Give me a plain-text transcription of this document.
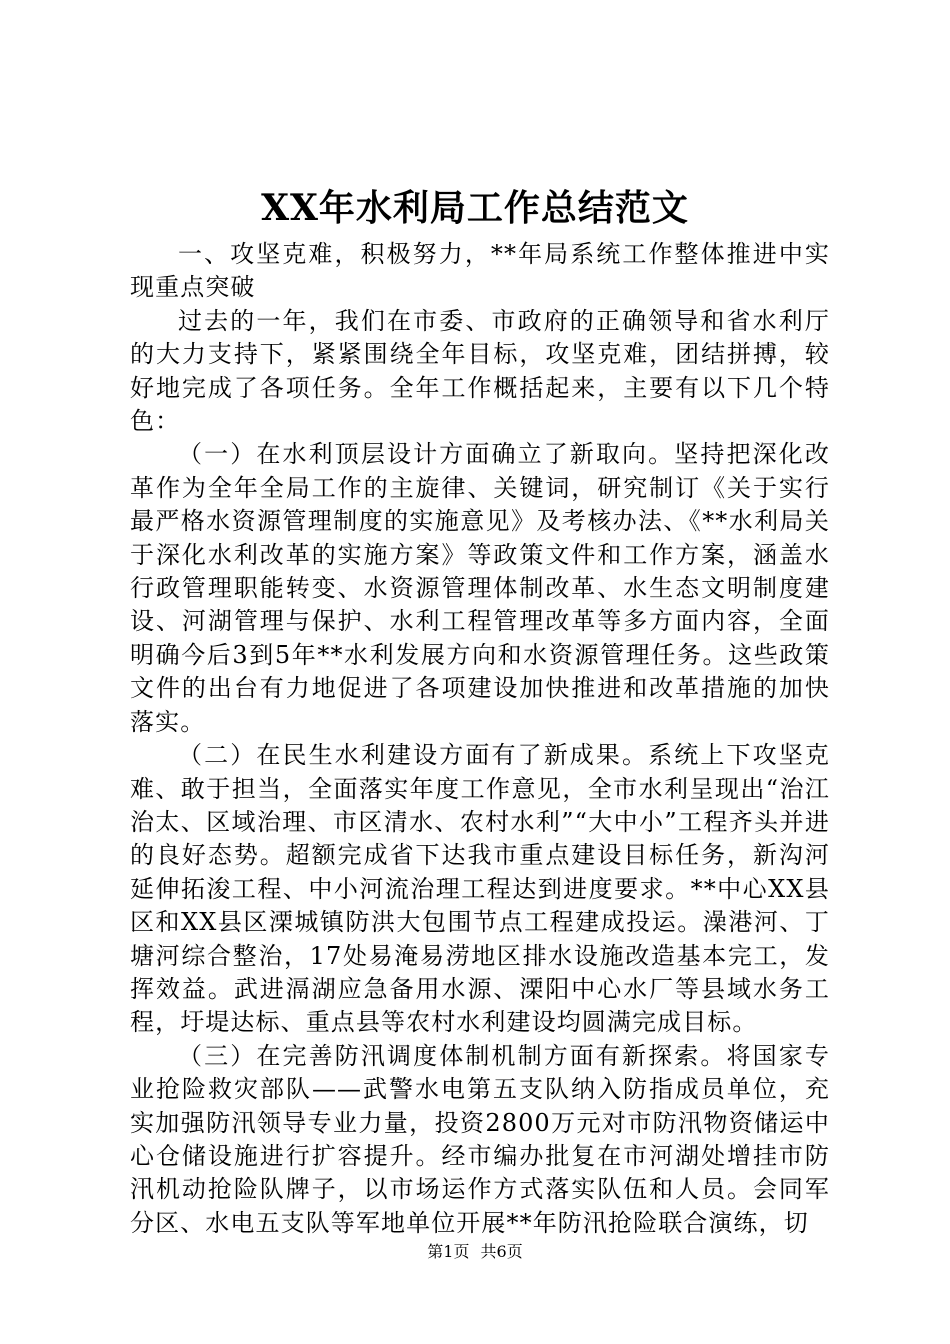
XX年水利局工作总结范文

一、攻坚克难，积极努力，**年局系统工作整体推进中实现重点突破

过去的一年，我们在市委、市政府的正确领导和省水利厅的大力支持下，紧紧围绕全年目标，攻坚克难，团结拼搏，较好地完成了各项任务。全年工作概括起来，主要有以下几个特色：

（一）在水利顶层设计方面确立了新取向。坚持把深化改革作为全年全局工作的主旋律、关键词，研究制订《关于实行最严格水资源管理制度的实施意见》及考核办法、《**水利局关于深化水利改革的实施方案》等政策文件和工作方案，涵盖水行政管理职能转变、水资源管理体制改革、水生态文明制度建设、河湖管理与保护、水利工程管理改革等多方面内容，全面明确今后3到5年**水利发展方向和水资源管理任务。这些政策文件的出台有力地促进了各项建设加快推进和改革措施的加快落实。

（二）在民生水利建设方面有了新成果。系统上下攻坚克难、敢于担当，全面落实年度工作意见，全市水利呈现出“治江治太、区域治理、市区清水、农村水利”“大中小”工程齐头并进的良好态势。超额完成省下达我市重点建设目标任务，新沟河延伸拓浚工程、中小河流治理工程达到进度要求。**中心XX县区和XX县区溧城镇防洪大包围节点工程建成投运。澡港河、丁塘河综合整治，17处易淹易涝地区排水设施改造基本完工，发挥效益。武进滆湖应急备用水源、溧阳中心水厂等县域水务工程，圩堤达标、重点县等农村水利建设均圆满完成目标。

（三）在完善防汛调度体制机制方面有新探索。将国家专业抢险救灾部队——武警水电第五支队纳入防指成员单位，充实加强防汛领导专业力量，投资2800万元对市防汛物资储运中心仓储设施进行扩容提升。经市编办批复在市河湖处增挂市防汛机动抢险队牌子，以市场运作方式落实队伍和人员。会同军分区、水电五支队等军地单位开展**年防汛抢险联合演练，切

第1页 共6页
